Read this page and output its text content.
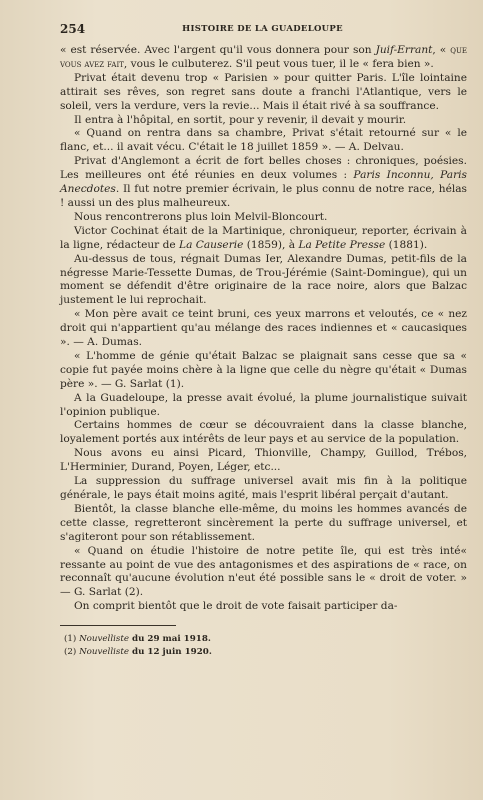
254	HISTOIRE DE LA GUADELOUPE

« est réservée. Avec l'argent qu'il vous donnera pour son Juif-Errant, « que vous avez fait, vous le culbuterez. S'il peut vous tuer, il le « fera bien ».

Privat était devenu trop « Parisien » pour quitter Paris. L'île lointaine attirait ses rêves, son regret sans doute a franchi l'Atlantique, vers le soleil, vers la verdure, vers la revie... Mais il était rivé à sa souffrance.

Il entra à l'hôpital, en sortit, pour y revenir, il devait y mourir.

« Quand on rentra dans sa chambre, Privat s'était retourné sur « le flanc, et... il avait vécu. C'était le 18 juillet 1859 ». — A. Delvau.

Privat d'Anglemont a écrit de fort belles choses : chroniques, poésies. Les meilleures ont été réunies en deux volumes : Paris Inconnu, Paris Anecdotes. Il fut notre premier écrivain, le plus connu de notre race, hélas ! aussi un des plus malheureux.

Nous rencontrerons plus loin Melvil-Bloncourt.

Victor Cochinat était de la Martinique, chroniqueur, reporter, écrivain à la ligne, rédacteur de La Causerie (1859), à La Petite Presse (1881).

Au-dessus de tous, régnait Dumas Ier, Alexandre Dumas, petit-fils de la négresse Marie-Tessette Dumas, de Trou-Jérémie (Saint-Domingue), qui un moment se défendit d'être originaire de la race noire, alors que Balzac justement le lui reprochait.

« Mon père avait ce teint bruni, ces yeux marrons et veloutés, ce « nez droit qui n'appartient qu'au mélange des races indiennes et « caucasiques ». — A. Dumas.

« L'homme de génie qu'était Balzac se plaignait sans cesse que sa « copie fut payée moins chère à la ligne que celle du nègre qu'était « Dumas père ». — G. Sarlat (1).

A la Guadeloupe, la presse avait évolué, la plume journalistique suivait l'opinion publique.

Certains hommes de cœur se découvraient dans la classe blanche, loyalement portés aux intérêts de leur pays et au service de la population.

Nous avons eu ainsi Picard, Thionville, Champy, Guillod, Trébos, L'Herminier, Durand, Poyen, Léger, etc...

La suppression du suffrage universel avait mis fin à la politique générale, le pays était moins agité, mais l'esprit libéral perçait d'autant.

Bientôt, la classe blanche elle-même, du moins les hommes avancés de cette classe, regretteront sincèrement la perte du suffrage universel, et s'agiteront pour son rétablissement.

« Quand on étudie l'histoire de notre petite île, qui est très inté« ressante au point de vue des antagonismes et des aspirations de « race, on reconnaît qu'aucune évolution n'eut été possible sans le « droit de voter. » — G. Sarlat (2).

On comprit bientôt que le droit de vote faisait participer da-

(1) Nouvelliste du 29 mai 1918.

(2) Nouvelliste du 12 juin 1920.
